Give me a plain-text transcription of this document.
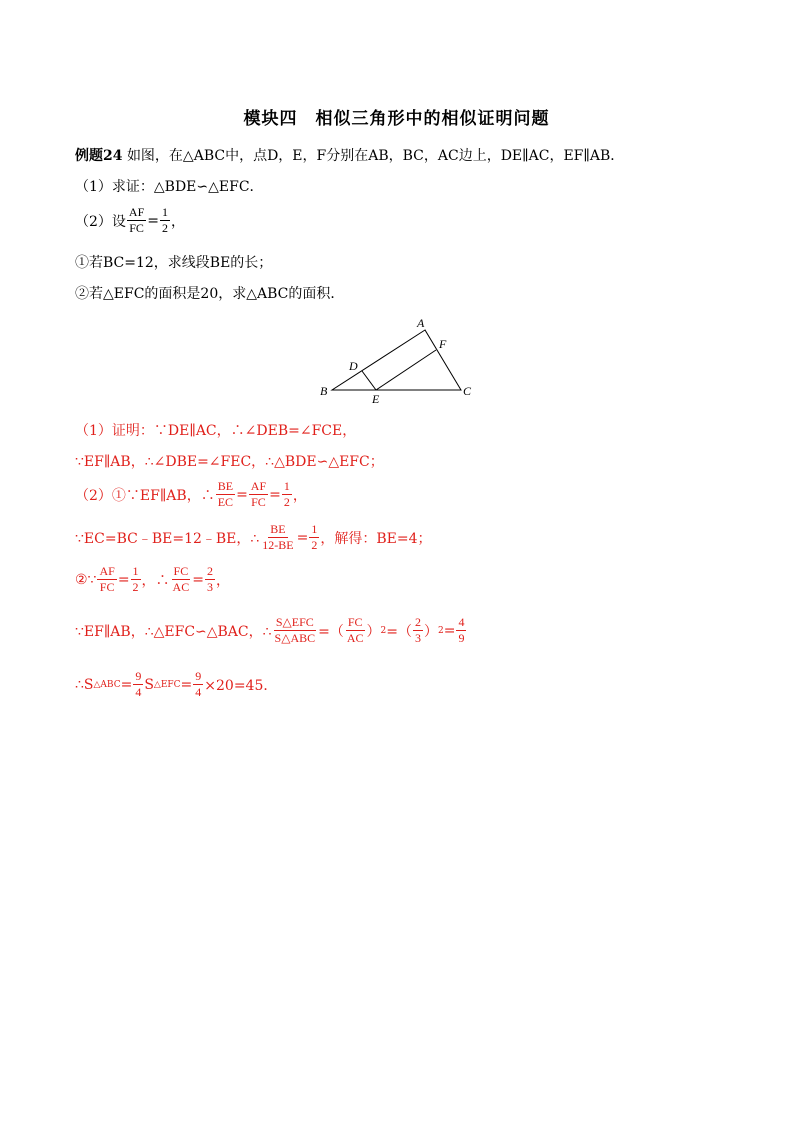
模块四　相似三角形中的相似证明问题
例题24
如图，在△ABC中，点D，E，F分别在AB，BC，AC边上，DE∥AC，EF∥AB．
（1）求证：△BDE∽△EFC．
（2）设 $\frac{AF}{FC} = \frac{1}{2}$ ，
①若BC=12，求线段BE的长；
②若△EFC的面积是20，求△ABC的面积．
A
B	C
D
E
F
（1）证明：∵DE∥AC，∴∠DEB=∠FCE，
∵EF∥AB，∴∠DBE=∠FEC，∴△BDE∽△EFC；
（2）①∵EF∥AB，∴ $\frac{BE}{EC} = \frac{AF}{FC} = \frac{1}{2}$ ，
∵EC=BC﹣BE=12﹣BE，∴ $\frac{BE}{12-BE} = \frac{1}{2}$ ，解得：BE=4；
②∵ $\frac{AF}{FC} = \frac{1}{2}$ ，∴ $\frac{FC}{AC} = \frac{2}{3}$ ，
∵EF∥AB，∴△EFC∽△BAC，∴ $\frac{\text{S△EFC}}{\text{S△ABC}}$ =（ $\frac{FC}{AC}$ ） 2 =（ $\frac{2}{3}$ ） $2 = \frac{4}{9}$
∴S △ABC = $\frac{9}{4}$ S △EFC = $\frac{9}{4} \times 20=45$．
